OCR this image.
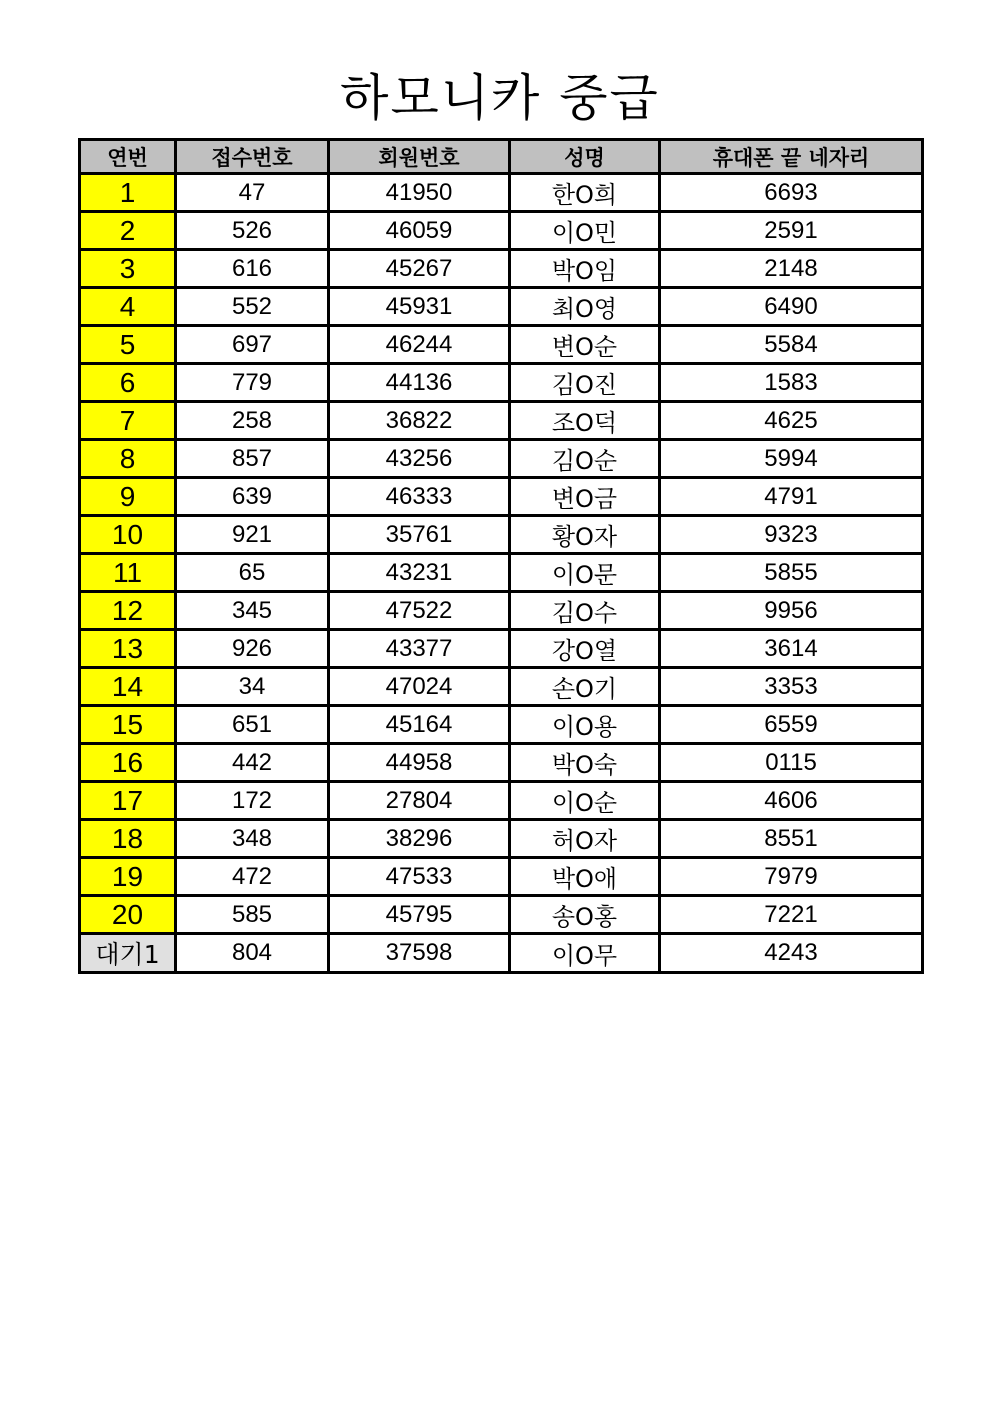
하모니카 중급
연번	접수번호	회원번호	성명	휴대폰 끝 네자리
1	47	41950	한O희	6693
2	526	46059	이O민	2591
3	616	45267	박O임	2148
4	552	45931	최O영	6490
5	697	46244	변O순	5584
6	779	44136	김O진	1583
7	258	36822	조O덕	4625
8	857	43256	김O순	5994
9	639	46333	변O금	4791
10	921	35761	황O자	9323
11	65	43231	이O문	5855
12	345	47522	김O수	9956
13	926	43377	강O열	3614
14	34	47024	손O기	3353
15	651	45164	이O용	6559
16	442	44958	박O숙	0115
17	172	27804	이O순	4606
18	348	38296	허O자	8551
19	472	47533	박O애	7979
20	585	45795	송O홍	7221
대기1	804	37598	이O무	4243
